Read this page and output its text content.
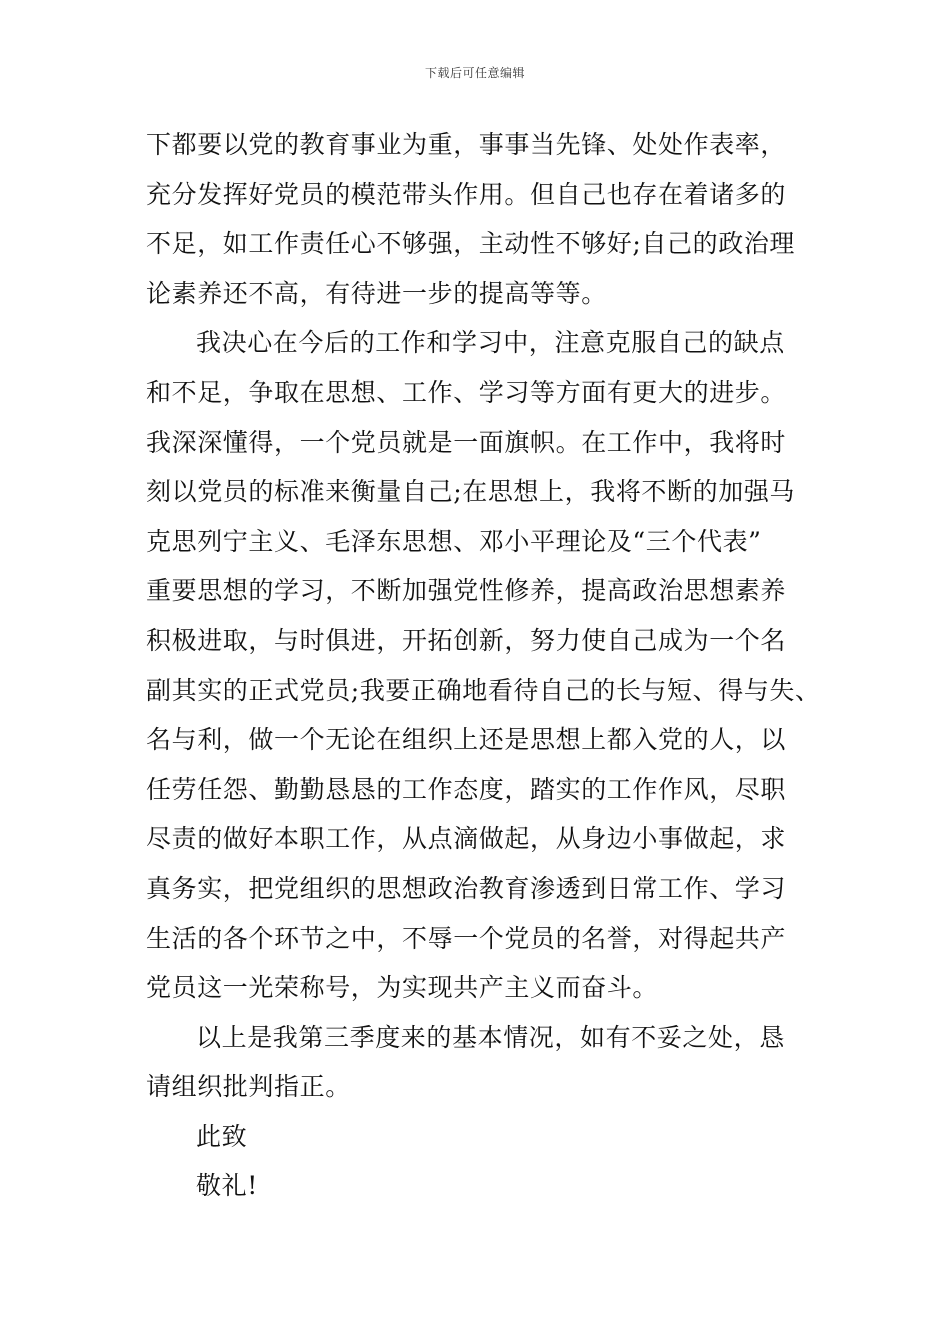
下载后可任意编辑
下都要以党的教育事业为重，事事当先锋、处处作表率，
充分发挥好党员的模范带头作用。但自己也存在着诸多的
不足，如工作责任心不够强，主动性不够好;自己的政治理
论素养还不高，有待进一步的提高等等。
我决心在今后的工作和学习中，注意克服自己的缺点
和不足，争取在思想、工作、学习等方面有更大的进步。
我深深懂得，一个党员就是一面旗帜。在工作中，我将时
刻以党员的标准来衡量自己;在思想上，我将不断的加强马
克思列宁主义、毛泽东思想、邓小平理论及“三个代表”
重要思想的学习，不断加强党性修养，提高政治思想素养
积极进取，与时俱进，开拓创新，努力使自己成为一个名
副其实的正式党员;我要正确地看待自己的长与短、得与失、
名与利，做一个无论在组织上还是思想上都入党的人，以
任劳任怨、勤勤恳恳的工作态度，踏实的工作作风，尽职
尽责的做好本职工作，从点滴做起，从身边小事做起，求
真务实，把党组织的思想政治教育渗透到日常工作、学习
生活的各个环节之中，不辱一个党员的名誉，对得起共产
党员这一光荣称号，为实现共产主义而奋斗。
以上是我第三季度来的基本情况，如有不妥之处，恳
请组织批判指正。
此致
敬礼!
